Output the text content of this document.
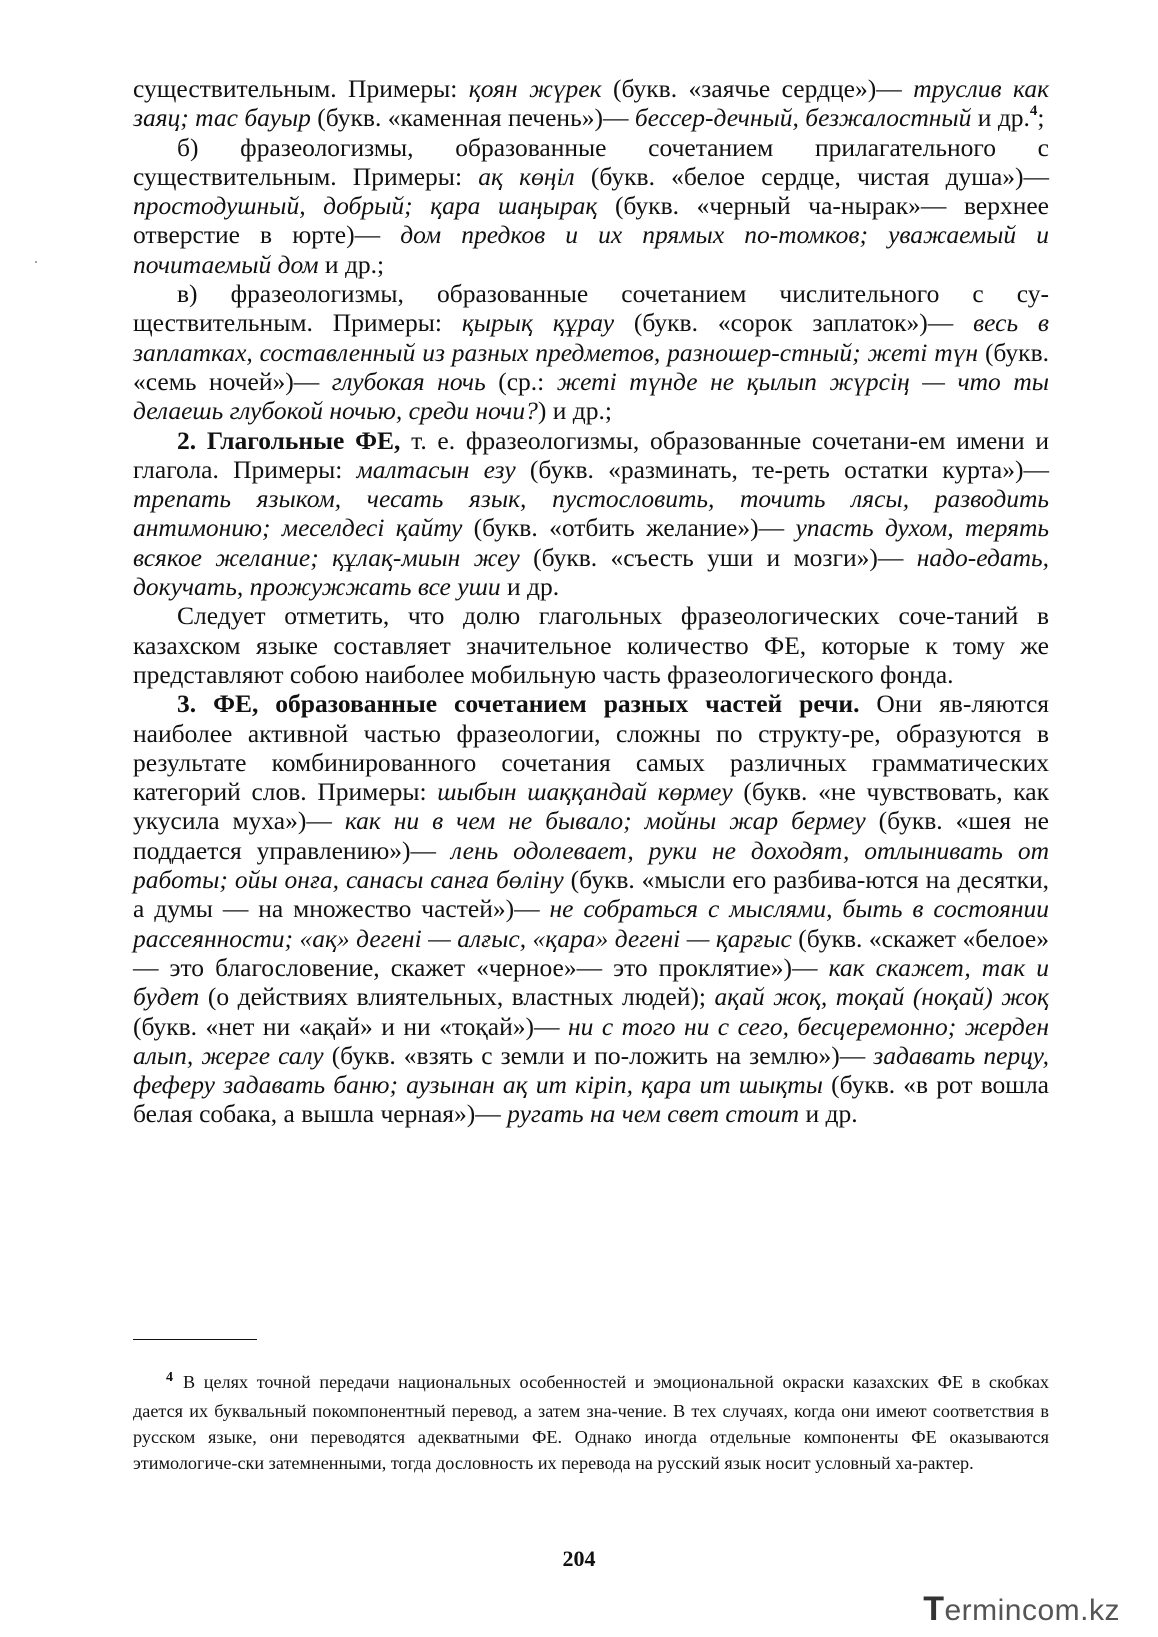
существительным. Примеры: қоян жүрек (букв. «заячье сердце»)— труслив как заяц; тас бауыр (букв. «каменная печень»)— бессер-дечный, безжалостный и др.$^4$;

б) фразеологизмы, образованные сочетанием прилагательного с существительным. Примеры: ақ көңіл (букв. «белое сердце, чистая душа»)— простодушный, добрый; қара шаңырақ (букв. «черный ча-нырак»— верхнее отверстие в юрте)— дом предков и их прямых по-томков; уважаемый и почитаемый дом и др.;

в) фразеологизмы, образованные сочетанием числительного с су-ществительным. Примеры: қырық құрау (букв. «сорок заплаток»)— весь в заплатках, составленный из разных предметов, разношер-стный; жеті түн (букв. «семь ночей»)— глубокая ночь (ср.: жеті түнде не қылып жүрсің — что ты делаешь глубокой ночью, среди ночи?) и др.;

2. Глагольные ФЕ, т. е. фразеологизмы, образованные сочетани-ем имени и глагола. Примеры: малтасын езу (букв. «разминать, те-реть остатки курта»)— трепать языком, чесать язык, пустословить, точить лясы, разводить антимонию; меселдесі қайту (букв. «отбить желание»)— упасть духом, терять всякое желание; құлақ-миын жеу (букв. «съесть уши и мозги»)— надо-едать, докучать, прожужжать все уши и др.

Следует отметить, что долю глагольных фразеологических соче-таний в казахском языке составляет значительное количество ФЕ, которые к тому же представляют собою наиболее мобильную часть фразеологического фонда.

3. ФЕ, образованные сочетанием разных частей речи. Они яв-ляются наиболее активной частью фразеологии, сложны по структу-ре, образуются в результате комбинированного сочетания самых различных грамматических категорий слов. Примеры: шыбын шаққандай көрмеу (букв. «не чувствовать, как укусила муха»)— как ни в чем не бывало; мойны жар бермеу (букв. «шея не поддается управлению»)— лень одолевает, руки не доходят, отлынивать от работы; ойы онға, санасы санға бөліну (букв. «мысли его разбива-ются на десятки, а думы — на множество частей»)— не собраться с мыслями, быть в состоянии рассеянности; «ақ» дегені — алғыс, «қара» дегені — қарғыс (букв. «скажет «белое» — это благословение, скажет «черное»— это проклятие»)— как скажет, так и будет (о действиях влиятельных, властных людей); ақай жоқ, тоқай (ноқай) жоқ (букв. «нет ни «ақай» и ни «тоқай»)— ни с того ни с сего, бесцеремонно; жерден алып, жерге салу (букв. «взять с земли и по-ложить на землю»)— задавать перцу, феферу задавать баню; аузынан ақ ит кіріп, қара ит шықты (букв. «в рот вошла белая собака, а вышла черная»)— ругать на чем свет стоит и др.

$^4$ В целях точной передачи национальных особенностей и эмоциональной окраски казахских ФЕ в скобках дается их буквальный покомпонентный перевод, а затем зна-чение. В тех случаях, когда они имеют соответствия в русском языке, они переводятся адекватными ФЕ. Однако иногда отдельные компоненты ФЕ оказываются этимологиче-ски затемненными, тогда дословность их перевода на русский язык носит условный ха-рактер.
204
Termincom.kz
